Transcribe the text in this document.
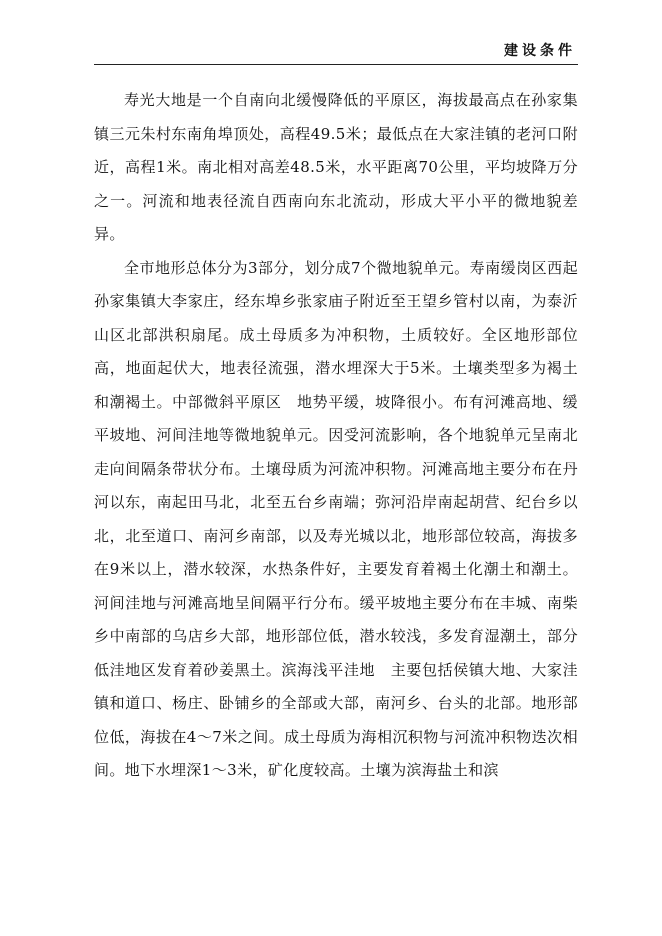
建设条件

寿光大地是一个自南向北缓慢降低的平原区，海拔最高点在孙家集镇三元朱村东南角埠顶处，高程49.5米；最低点在大家洼镇的老河口附近，高程1米。南北相对高差48.5米，水平距离70公里，平均坡降万分之一。河流和地表径流自西南向东北流动，形成大平小平的微地貌差异。

全市地形总体分为3部分，划分成7个微地貌单元。寿南缓岗区西起孙家集镇大李家庄，经东埠乡张家庙子附近至王望乡管村以南，为泰沂山区北部洪积扇尾。成土母质多为冲积物，土质较好。全区地形部位高，地面起伏大，地表径流强，潜水埋深大于5米。土壤类型多为褐土和潮褐土。中部微斜平原区　地势平缓，坡降很小。布有河滩高地、缓平坡地、河间洼地等微地貌单元。因受河流影响，各个地貌单元呈南北走向间隔条带状分布。土壤母质为河流冲积物。河滩高地主要分布在丹河以东，南起田马北，北至五台乡南端；弥河沿岸南起胡营、纪台乡以北，北至道口、南河乡南部，以及寿光城以北，地形部位较高，海拔多在9米以上，潜水较深，水热条件好，主要发育着褐土化潮土和潮土。河间洼地与河滩高地呈间隔平行分布。缓平坡地主要分布在丰城、南柴乡中南部的乌店乡大部，地形部位低，潜水较浅，多发育湿潮土，部分低洼地区发育着砂姜黑土。滨海浅平洼地　主要包括侯镇大地、大家洼镇和道口、杨庄、卧铺乡的全部或大部，南河乡、台头的北部。地形部位低，海拔在4～7米之间。成土母质为海相沉积物与河流冲积物迭次相间。地下水埋深1～3米，矿化度较高。土壤为滨海盐土和滨
